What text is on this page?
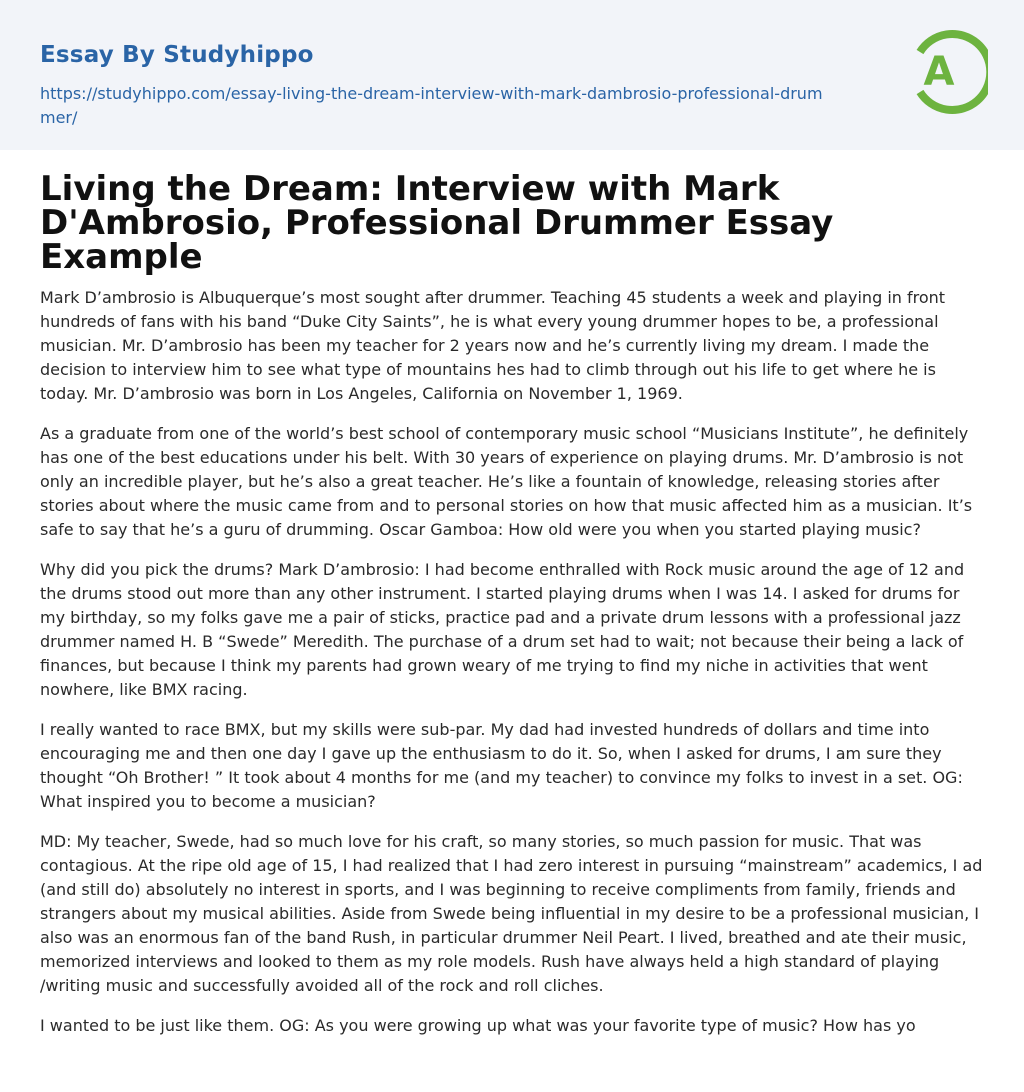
Essay By Studyhippo
https://studyhippo.com/essay-living-the-dream-interview-with-mark-dambrosio-professional-drummer/
A
Living the Dream: Interview with Mark D'Ambrosio, Professional Drummer Essay Example

Mark D’ambrosio is Albuquerque’s most sought after drummer. Teaching 45 students a week and playing in front hundreds of fans with his band “Duke City Saints”, he is what every young drummer hopes to be, a professional musician. Mr. D’ambrosio has been my teacher for 2 years now and he’s currently living my dream. I made the decision to interview him to see what type of mountains hes had to climb through out his life to get where he is today. Mr. D’ambrosio was born in Los Angeles, California on November 1, 1969.

As a graduate from one of the world’s best school of contemporary music school “Musicians Institute”, he definitely has one of the best educations under his belt. With 30 years of experience on playing drums. Mr. D’ambrosio is not only an incredible player, but he’s also a great teacher. He’s like a fountain of knowledge, releasing stories after stories about where the music came from and to personal stories on how that music affected him as a musician. It’s safe to say that he’s a guru of drumming. Oscar Gamboa: How old were you when you started playing music?

Why did you pick the drums? Mark D’ambrosio: I had become enthralled with Rock music around the age of 12 and the drums stood out more than any other instrument. I started playing drums when I was 14. I asked for drums for my birthday, so my folks gave me a pair of sticks, practice pad and a private drum lessons with a professional jazz drummer named H. B “Swede” Meredith. The purchase of a drum set had to wait; not because their being a lack of finances, but because I think my parents had grown weary of me trying to find my niche in activities that went nowhere, like BMX racing.

I really wanted to race BMX, but my skills were sub-par. My dad had invested hundreds of dollars and time into encouraging me and then one day I gave up the enthusiasm to do it. So, when I asked for drums, I am sure they thought “Oh Brother! ” It took about 4 months for me (and my teacher) to convince my folks to invest in a set. OG: What inspired you to become a musician?

MD: My teacher, Swede, had so much love for his craft, so many stories, so much passion for music. That was contagious. At the ripe old age of 15, I had realized that I had zero interest in pursuing “mainstream” academics, I ad (and still do) absolutely no interest in sports, and I was beginning to receive compliments from family, friends and strangers about my musical abilities. Aside from Swede being influential in my desire to be a professional musician, I also was an enormous fan of the band Rush, in particular drummer Neil Peart. I lived, breathed and ate their music, memorized interviews and looked to them as my role models. Rush have always held a high standard of playing /writing music and successfully avoided all of the rock and roll cliches.

I wanted to be just like them. OG: As you were growing up what was your favorite type of music? How has yo
